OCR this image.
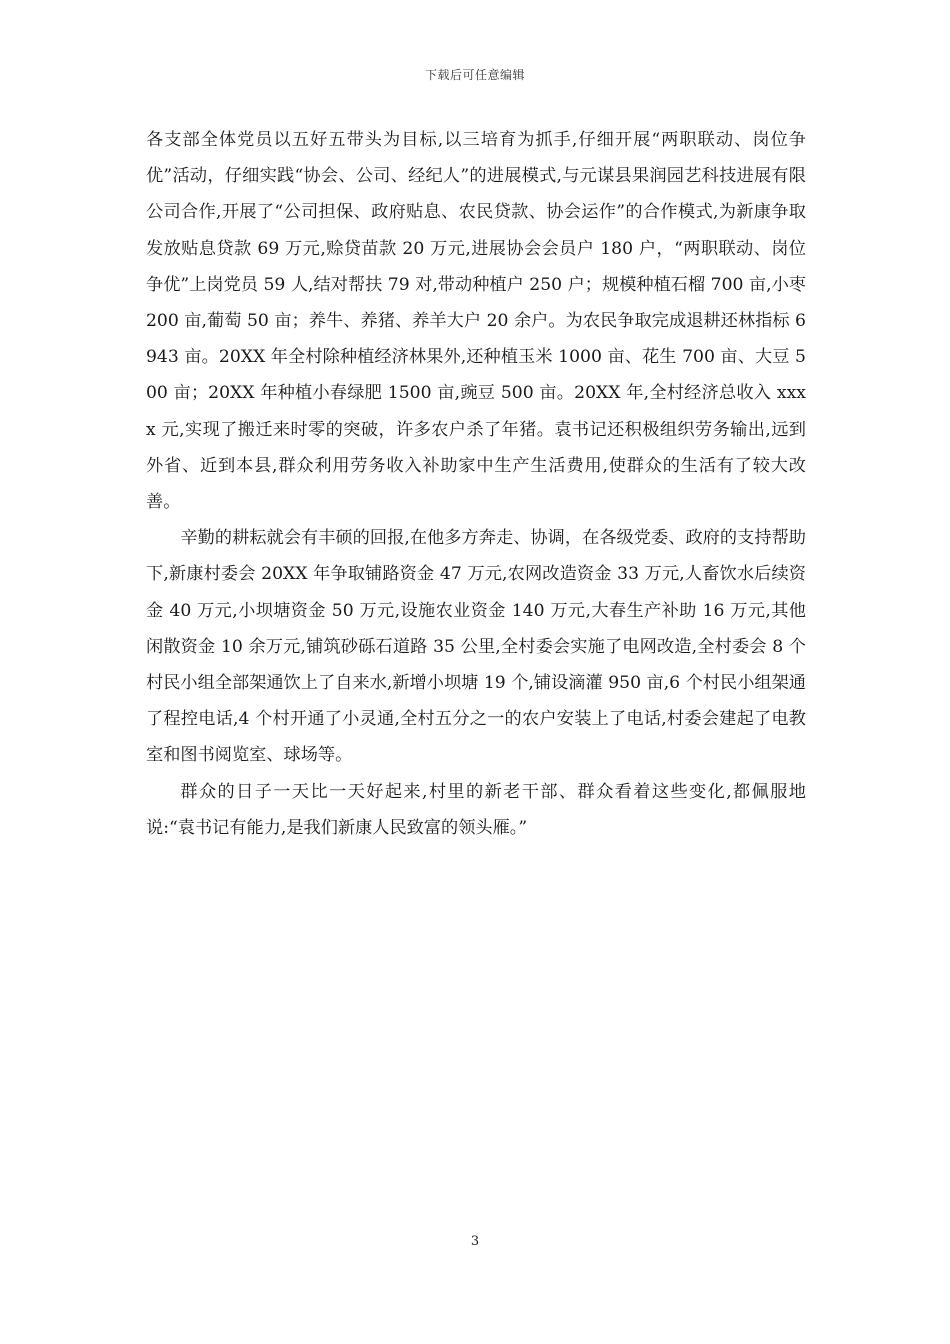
下载后可任意编辑

各支部全体党员以五好五带头为目标,以三培育为抓手,仔细开展“两职联动、岗位争优”活动，仔细实践“协会、公司、经纪人”的进展模式,与元谋县果润园艺科技进展有限公司合作,开展了“公司担保、政府贴息、农民贷款、协会运作”的合作模式,为新康争取发放贴息贷款 69 万元,赊贷苗款 20 万元,进展协会会员户 180 户，“两职联动、岗位争优”上岗党员 59 人,结对帮扶 79 对,带动种植户 250 户；规模种植石榴 700 亩,小枣 200 亩,葡萄 50 亩；养牛、养猪、养羊大户 20 余户。为农民争取完成退耕还林指标 6943 亩。20XX 年全村除种植经济林果外,还种植玉米 1000 亩、花生 700 亩、大豆 500 亩；20XX 年种植小春绿肥 1500 亩,豌豆 500 亩。20XX 年,全村经济总收入 xxxx 元,实现了搬迁来时零的突破，许多农户杀了年猪。袁书记还积极组织劳务输出,远到外省、近到本县,群众利用劳务收入补助家中生产生活费用,使群众的生活有了较大改善。

辛勤的耕耘就会有丰硕的回报,在他多方奔走、协调，在各级党委、政府的支持帮助下,新康村委会 20XX 年争取铺路资金 47 万元,农网改造资金 33 万元,人畜饮水后续资金 40 万元,小坝塘资金 50 万元,设施农业资金 140 万元,大春生产补助 16 万元,其他闲散资金 10 余万元,铺筑砂砾石道路 35 公里,全村委会实施了电网改造,全村委会 8 个村民小组全部架通饮上了自来水,新增小坝塘 19 个,铺设滴灌 950 亩,6 个村民小组架通了程控电话,4 个村开通了小灵通,全村五分之一的农户安装上了电话,村委会建起了电教室和图书阅览室、球场等。

群众的日子一天比一天好起来,村里的新老干部、群众看着这些变化,都佩服地说:“袁书记有能力,是我们新康人民致富的领头雁。”

3
